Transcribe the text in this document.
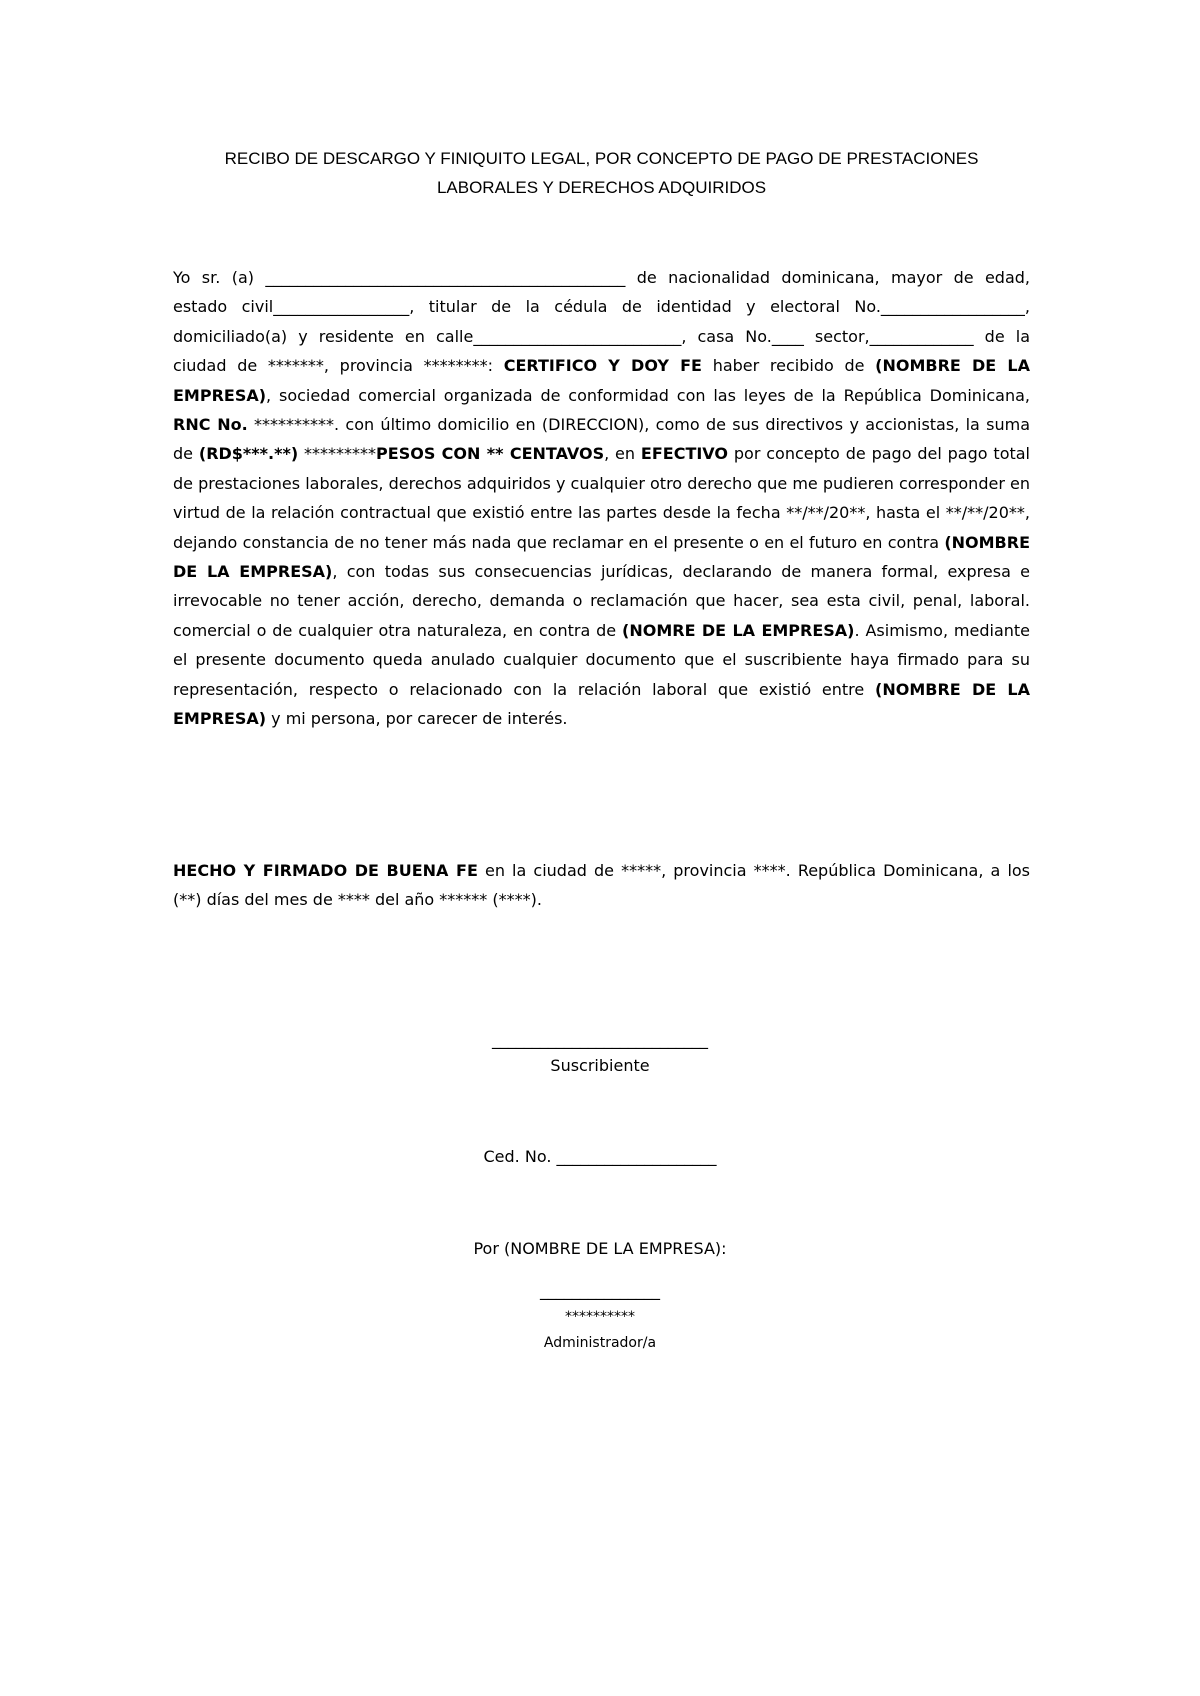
RECIBO DE DESCARGO Y FINIQUITO LEGAL, POR CONCEPTO DE PAGO DE PRESTACIONES
LABORALES Y DERECHOS ADQUIRIDOS
Yo sr. (a) _____________________________________________ de nacionalidad dominicana, mayor de edad, estado civil_________________, titular de la cédula de identidad y electoral No.__________________, domiciliado(a) y residente en calle__________________________, casa No.____ sector,_____________ de la ciudad de *******, provincia ********: CERTIFICO Y DOY FE haber recibido de (NOMBRE DE LA EMPRESA), sociedad comercial organizada de conformidad con las leyes de la República Dominicana, RNC No. **********. con último domicilio en (DIRECCION), como de sus directivos y accionistas, la suma de (RD$***.**) *********PESOS CON ** CENTAVOS, en EFECTIVO por concepto de pago del pago total de prestaciones laborales, derechos adquiridos y cualquier otro derecho que me pudieren corresponder en virtud de la relación contractual que existió entre las partes desde la fecha **/**/20**, hasta el **/**/20**, dejando constancia de no tener más nada que reclamar en el presente o en el futuro en contra (NOMBRE DE LA EMPRESA), con todas sus consecuencias jurídicas, declarando de manera formal, expresa e irrevocable no tener acción, derecho, demanda o reclamación que hacer, sea esta civil, penal, laboral. comercial o de cualquier otra naturaleza, en contra de (NOMRE DE LA EMPRESA). Asimismo, mediante el presente documento queda anulado cualquier documento que el suscribiente haya firmado para su representación, respecto o relacionado con la relación laboral que existió entre (NOMBRE DE LA EMPRESA) y mi persona, por carecer de interés.
HECHO Y FIRMADO DE BUENA FE en la ciudad de *****, provincia ****. República Dominicana, a los (**) días del mes de **** del año ****** (****).
___________________________
Suscribiente
Ced. No. ____________________
Por (NOMBRE DE LA EMPRESA):
_______________
**********
Administrador/a
